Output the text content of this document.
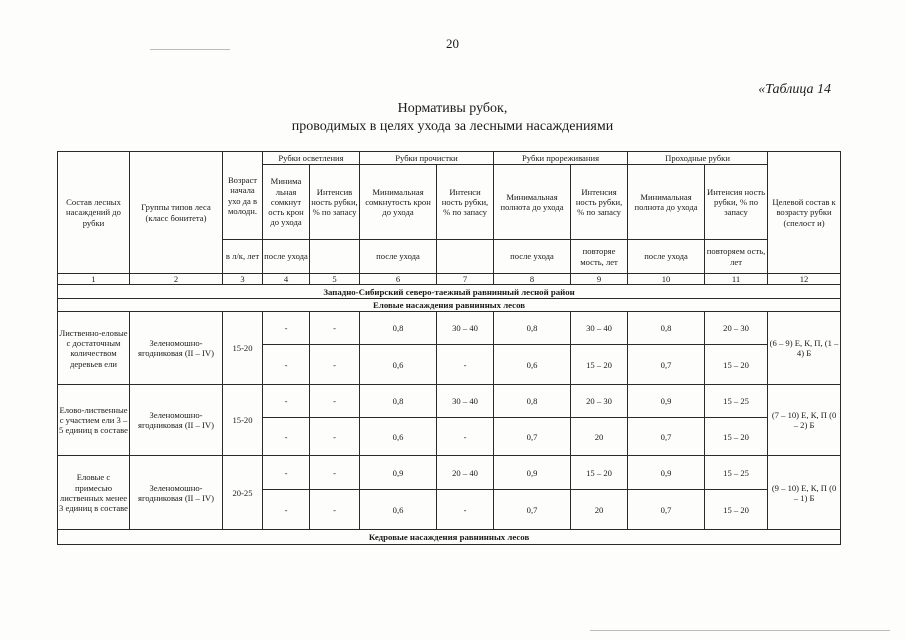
20
«Таблица 14
Нормативы рубок,
проводимых в целях ухода за лесными насаждениями
Состав лесных насаждений до рубки	Группы типов леса (класс бонитета)	Возраст начала ухо да в молодн.	Рубки осветления		Рубки прочистки		Рубки прореживания		Проходные рубки		Целевой состав к возрасту рубки (спелост и)
			Минима льная сомкнут ость крон до ухода	Интенсив ность рубки, % по запасу	Минимальная сомкнутость крон до ухода	Интенси ность рубки, % по запасу	Минимальная полнота до ухода	Интенсия ность рубки, % по запасу	Минимальная полнота до ухода	Интенсия ность рубки, % по запасу	
		в л/к, лет	после ухода		после ухода		после ухода	повторяе мость, лет	после ухода	повторяем ость, лет	
1	2	3	4	5	6	7	8	9	10	11	12
Западно-Сибирский северо-таежный равнинный лесной район											
Еловые насаждения равнинных лесов											
Лиственно-еловые с достаточным количеством деревьев ели	Зеленомошно-ягодниковая (II – IV)	15-20	-	-	0,8	30 – 40	0,8	30 – 40	0,8	20 – 30	(6 – 9) Е, К, П, (1 – 4) Б
			-	-	0,6	-	0,6	15 – 20	0,7	15 – 20	
Елово-лиственные с участием ели 3 – 5 единиц в составе	Зеленомошно-ягодниковая (II – IV)	15-20	-	-	0,8	30 – 40	0,8	20 – 30	0,9	15 – 25	(7 – 10) Е, К, П (0 – 2) Б
			-	-	0,6	-	0,7	20	0,7	15 – 20	
Еловые с примесью лиственных менее 3 единиц в составе	Зеленомошно-ягодниковая (II – IV)	20-25	-	-	0,9	20 – 40	0,9	15 – 20	0,9	15 – 25	(9 – 10) Е, К, П (0 – 1) Б
			-	-	0,6	-	0,7	20	0,7	15 – 20	
Кедровые насаждения равнинных лесов											
